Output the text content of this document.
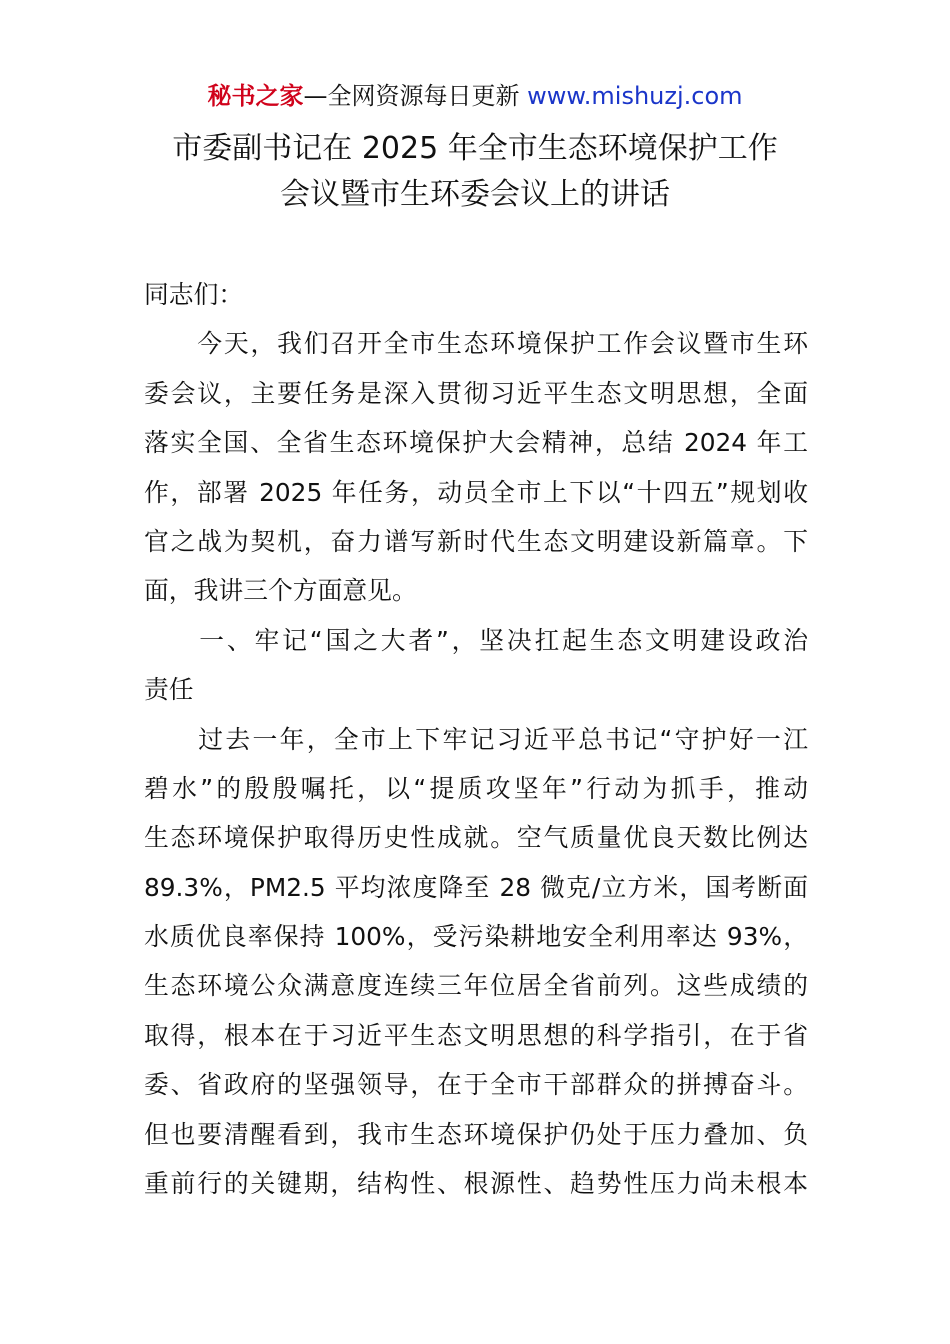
秘书之家—全网资源每日更新 www.mishuzj.com
市委副书记在 2025 年全市生态环境保护工作
会议暨市生环委会议上的讲话
同志们：
　　今天，我们召开全市生态环境保护工作会议暨市生环
委会议，主要任务是深入贯彻习近平生态文明思想，全面
落实全国、全省生态环境保护大会精神，总结 2024 年工
作，部署 2025 年任务，动员全市上下以“十四五”规划收
官之战为契机，奋力谱写新时代生态文明建设新篇章。下
面，我讲三个方面意见。
　　一、牢记“国之大者”，坚决扛起生态文明建设政治
责任
　　过去一年，全市上下牢记习近平总书记“守护好一江
碧水”的殷殷嘱托，以“提质攻坚年”行动为抓手，推动
生态环境保护取得历史性成就。空气质量优良天数比例达
89.3%，PM2.5 平均浓度降至 28 微克/立方米，国考断面
水质优良率保持 100%，受污染耕地安全利用率达 93%，
生态环境公众满意度连续三年位居全省前列。这些成绩的
取得，根本在于习近平生态文明思想的科学指引，在于省
委、省政府的坚强领导，在于全市干部群众的拼搏奋斗。
但也要清醒看到，我市生态环境保护仍处于压力叠加、负
重前行的关键期，结构性、根源性、趋势性压力尚未根本
